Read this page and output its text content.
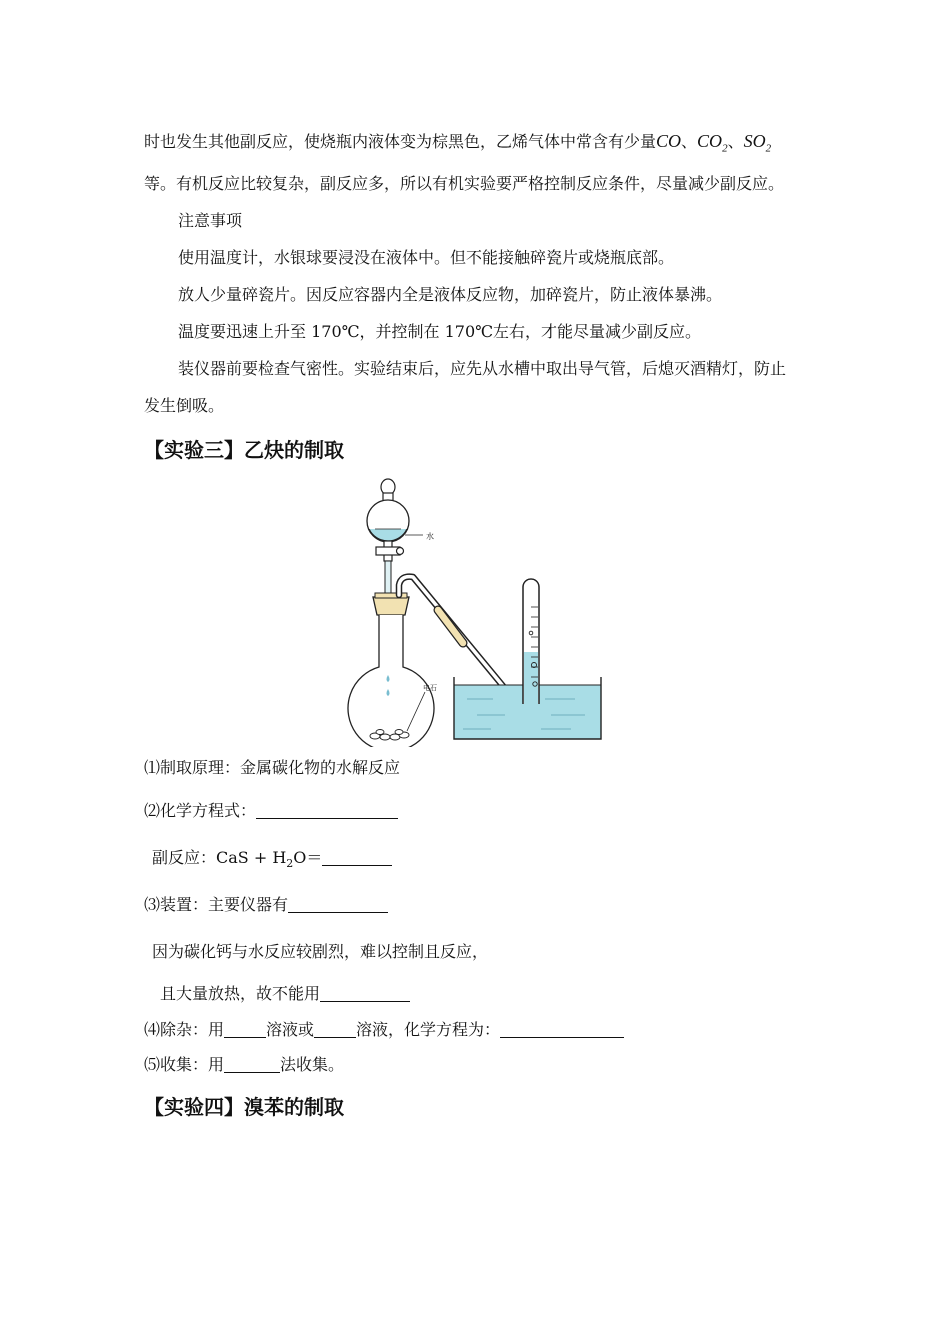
时也发生其他副反应，使烧瓶内液体变为棕黑色，乙烯气体中常含有少量CO、$CO_2$、$SO_2$
等。有机反应比较复杂，副反应多，所以有机实验要严格控制反应条件，尽量减少副反应。
注意事项
使用温度计，水银球要浸没在液体中。但不能接触碎瓷片或烧瓶底部。
放人少量碎瓷片。因反应容器内全是液体反应物，加碎瓷片，防止液体暴沸。
温度要迅速上升至 170℃，并控制在 170℃左右，才能尽量减少副反应。
装仪器前要检查气密性。实验结束后，应先从水槽中取出导气管，后熄灭酒精灯，防止
发生倒吸。
【实验三】乙炔的制取
水
电石
⑴制取原理：金属碳化物的水解反应
⑵化学方程式：
副反应：CaS + $H_2O=$
⑶装置：主要仪器有
因为碳化钙与水反应较剧烈，难以控制且反应，
且大量放热，故不能用
⑷除杂：用	溶液或	溶液，化学方程为：
⑸收集：用	法收集。
【实验四】溴苯的制取
